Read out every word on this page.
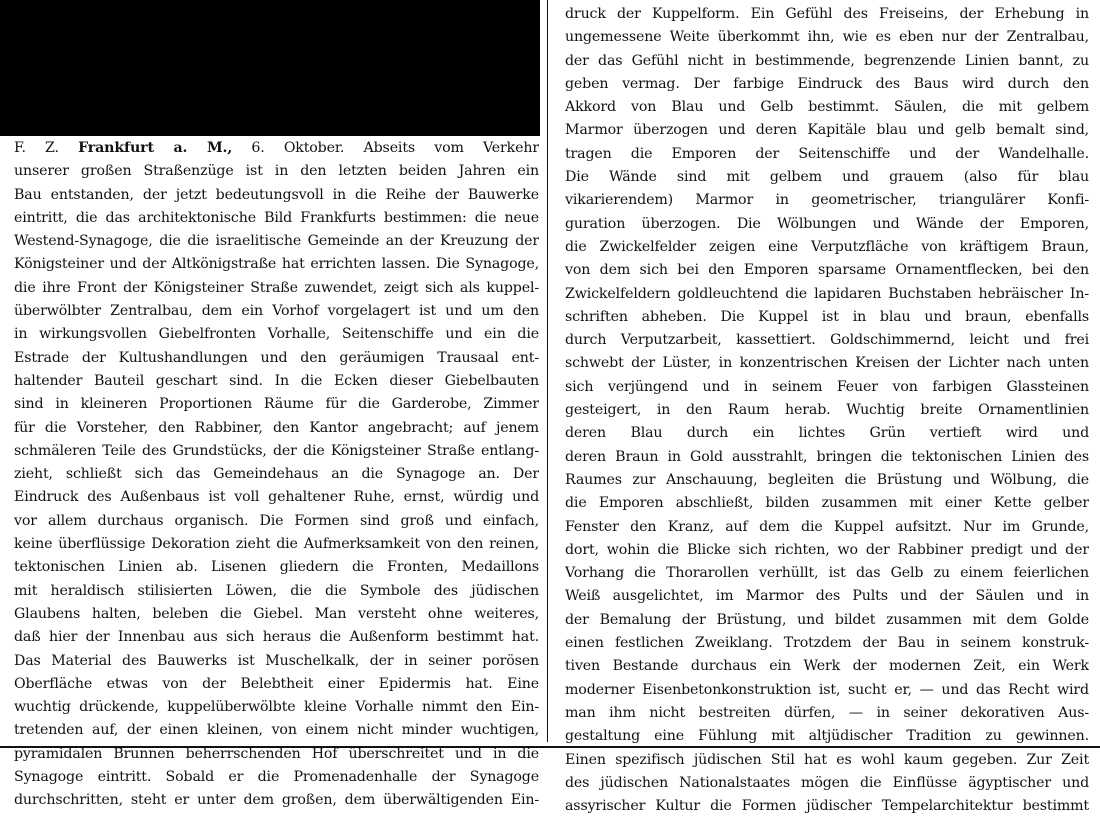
F. Z. Frankfurt a. M., 6. Oktober. Abseits vom Verkehr
unserer großen Straßenzüge ist in den letzten beiden Jahren ein
Bau entstanden, der jetzt bedeutungsvoll in die Reihe der Bauwerke
eintritt, die das architektonische Bild Frankfurts bestimmen: die neue
Westend-Synagoge, die die israelitische Gemeinde an der Kreuzung der
Königsteiner und der Altkönigstraße hat errichten lassen. Die Synagoge,
die ihre Front der Königsteiner Straße zuwendet, zeigt sich als kuppel-
überwölbter Zentralbau, dem ein Vorhof vorgelagert ist und um den
in wirkungsvollen Giebelfronten Vorhalle, Seitenschiffe und ein die
Estrade der Kultushandlungen und den geräumigen Trausaal ent-
haltender Bauteil geschart sind. In die Ecken dieser Giebelbauten
sind in kleineren Proportionen Räume für die Garderobe, Zimmer
für die Vorsteher, den Rabbiner, den Kantor angebracht; auf jenem
schmäleren Teile des Grundstücks, der die Königsteiner Straße entlang-
zieht, schließt sich das Gemeindehaus an die Synagoge an. Der
Eindruck des Außenbaus ist voll gehaltener Ruhe, ernst, würdig und
vor allem durchaus organisch. Die Formen sind groß und einfach,
keine überflüssige Dekoration zieht die Aufmerksamkeit von den reinen,
tektonischen Linien ab. Lisenen gliedern die Fronten, Medaillons
mit heraldisch stilisierten Löwen, die die Symbole des jüdischen
Glaubens halten, beleben die Giebel. Man versteht ohne weiteres,
daß hier der Innenbau aus sich heraus die Außenform bestimmt hat.
Das Material des Bauwerks ist Muschelkalk, der in seiner porösen
Oberfläche etwas von der Belebtheit einer Epidermis hat. Eine
wuchtig drückende, kuppelüberwölbte kleine Vorhalle nimmt den Ein-
tretenden auf, der einen kleinen, von einem nicht minder wuchtigen,
pyramidalen Brunnen beherrschenden Hof überschreitet und in die
Synagoge eintritt. Sobald er die Promenadenhalle der Synagoge
durchschritten, steht er unter dem großen, dem überwältigenden Ein-
druck der Kuppelform. Ein Gefühl des Freiseins, der Erhebung in
ungemessene Weite überkommt ihn, wie es eben nur der Zentralbau,
der das Gefühl nicht in bestimmende, begrenzende Linien bannt, zu
geben vermag. Der farbige Eindruck des Baus wird durch den
Akkord von Blau und Gelb bestimmt. Säulen, die mit gelbem
Marmor überzogen und deren Kapitäle blau und gelb bemalt sind,
tragen die Emporen der Seitenschiffe und der Wandelhalle.
Die Wände sind mit gelbem und grauem (also für blau
vikarierendem) Marmor in geometrischer, triangulärer Konfi-
guration überzogen. Die Wölbungen und Wände der Emporen,
die Zwickelfelder zeigen eine Verputzfläche von kräftigem Braun,
von dem sich bei den Emporen sparsame Ornamentflecken, bei den
Zwickelfeldern goldleuchtend die lapidaren Buchstaben hebräischer In-
schriften abheben. Die Kuppel ist in blau und braun, ebenfalls
durch Verputzarbeit, kassettiert. Goldschimmernd, leicht und frei
schwebt der Lüster, in konzentrischen Kreisen der Lichter nach unten
sich verjüngend und in seinem Feuer von farbigen Glassteinen
gesteigert, in den Raum herab. Wuchtig breite Ornamentlinien
deren Blau durch ein lichtes Grün vertieft wird und
deren Braun in Gold ausstrahlt, bringen die tektonischen Linien des
Raumes zur Anschauung, begleiten die Brüstung und Wölbung, die
die Emporen abschließt, bilden zusammen mit einer Kette gelber
Fenster den Kranz, auf dem die Kuppel aufsitzt. Nur im Grunde,
dort, wohin die Blicke sich richten, wo der Rabbiner predigt und der
Vorhang die Thorarollen verhüllt, ist das Gelb zu einem feierlichen
Weiß ausgelichtet, im Marmor des Pults und der Säulen und in
der Bemalung der Brüstung, und bildet zusammen mit dem Golde
einen festlichen Zweiklang. Trotzdem der Bau in seinem konstruk-
tiven Bestande durchaus ein Werk der modernen Zeit, ein Werk
moderner Eisenbetonkonstruktion ist, sucht er, — und das Recht wird
man ihm nicht bestreiten dürfen, — in seiner dekorativen Aus-
gestaltung eine Fühlung mit altjüdischer Tradition zu gewinnen.
Einen spezifisch jüdischen Stil hat es wohl kaum gegeben. Zur Zeit
des jüdischen Nationalstaates mögen die Einflüsse ägyptischer und
assyrischer Kultur die Formen jüdischer Tempelarchitektur bestimmt
